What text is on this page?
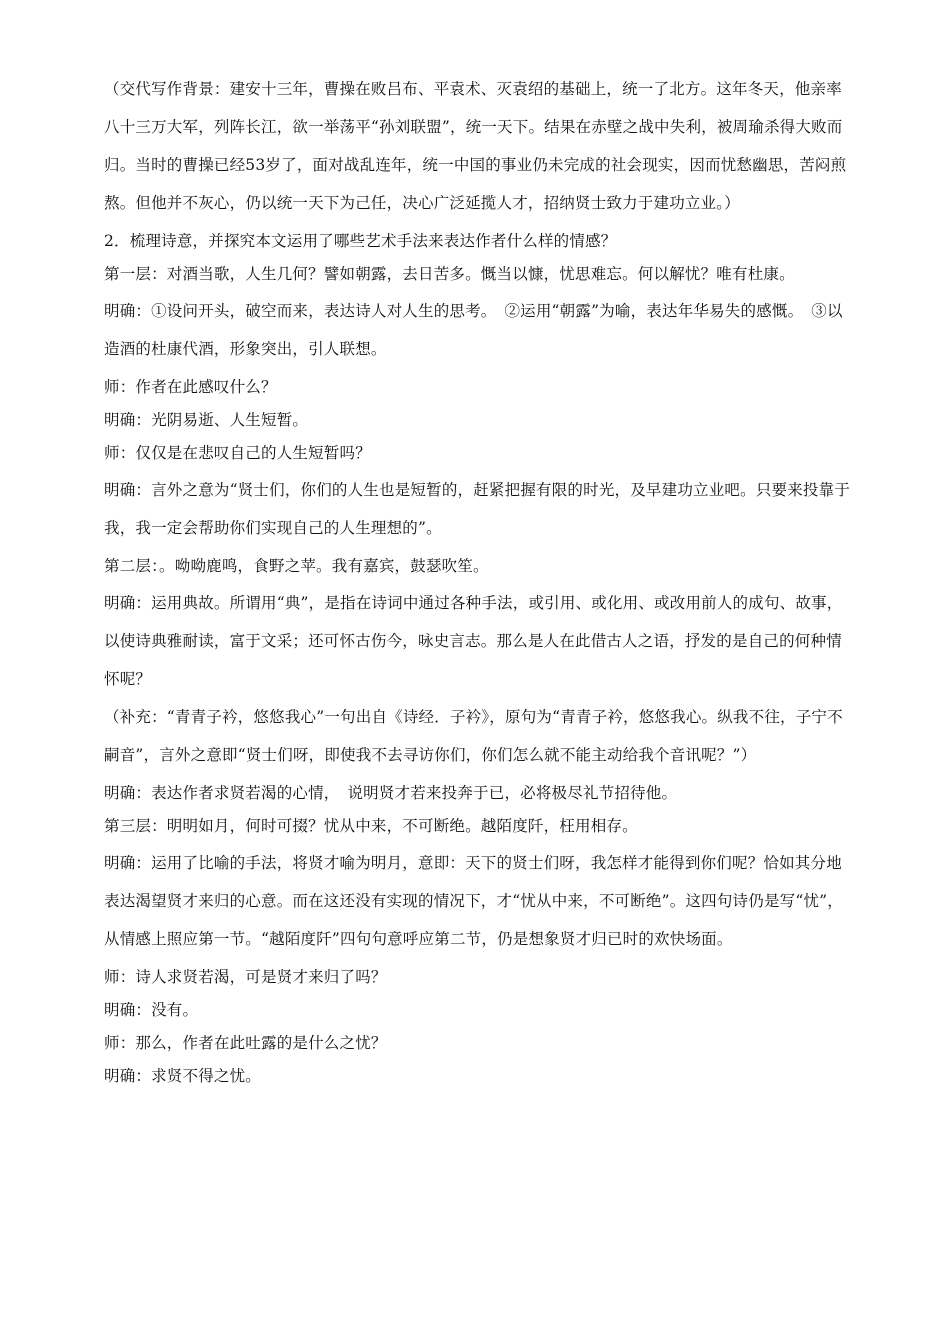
（交代写作背景：建安十三年，曹操在败吕布、平袁术、灭袁绍的基础上，统一了北方。这年冬天，他亲率八十三万大军，列阵长江，欲一举荡平“孙刘联盟”，统一天下。结果在赤壁之战中失利，被周瑜杀得大败而归。当时的曹操已经53岁了，面对战乱连年，统一中国的事业仍未完成的社会现实，因而忧愁幽思，苦闷煎熬。但他并不灰心，仍以统一天下为己任，决心广泛延揽人才，招纳贤士致力于建功立业。）

2．梳理诗意，并探究本文运用了哪些艺术手法来表达作者什么样的情感？

第一层：对酒当歌，人生几何？譬如朝露，去日苦多。慨当以慷，忧思难忘。何以解忧？唯有杜康。

明确：①设问开头，破空而来，表达诗人对人生的思考。　②运用“朝露”为喻，表达年华易失的感慨。　③以造酒的杜康代酒，形象突出，引人联想。

师：作者在此感叹什么？

明确：光阴易逝、人生短暂。

师：仅仅是在悲叹自己的人生短暂吗？

明确：言外之意为“贤士们，你们的人生也是短暂的，赶紧把握有限的时光，及早建功立业吧。只要来投靠于我，我一定会帮助你们实现自己的人生理想的”。

第二层：。呦呦鹿鸣，食野之苹。我有嘉宾，鼓瑟吹笙。

明确：运用典故。所谓用“典”，是指在诗词中通过各种手法，或引用、或化用、或改用前人的成句、故事，以使诗典雅耐读，富于文采；还可怀古伤今，咏史言志。那么是人在此借古人之语，抒发的是自己的何种情怀呢？

（补充：“青青子衿，悠悠我心”一句出自《诗经．子衿》，原句为“青青子衿，悠悠我心。纵我不往，子宁不嗣音”，言外之意即“贤士们呀，即使我不去寻访你们，你们怎么就不能主动给我个音讯呢？”）

明确：表达作者求贤若渴的心情，　说明贤才若来投奔于已，必将极尽礼节招待他。

第三层：明明如月，何时可掇？忧从中来，不可断绝。越陌度阡，枉用相存。

明确：运用了比喻的手法，将贤才喻为明月，意即：天下的贤士们呀，我怎样才能得到你们呢？恰如其分地表达渴望贤才来归的心意。而在这还没有实现的情况下，才“忧从中来，不可断绝”。这四句诗仍是写“忧”，从情感上照应第一节。“越陌度阡”四句句意呼应第二节，仍是想象贤才归已时的欢快场面。

师：诗人求贤若渴，可是贤才来归了吗？

明确：没有。

师：那么，作者在此吐露的是什么之忧？

明确：求贤不得之忧。
